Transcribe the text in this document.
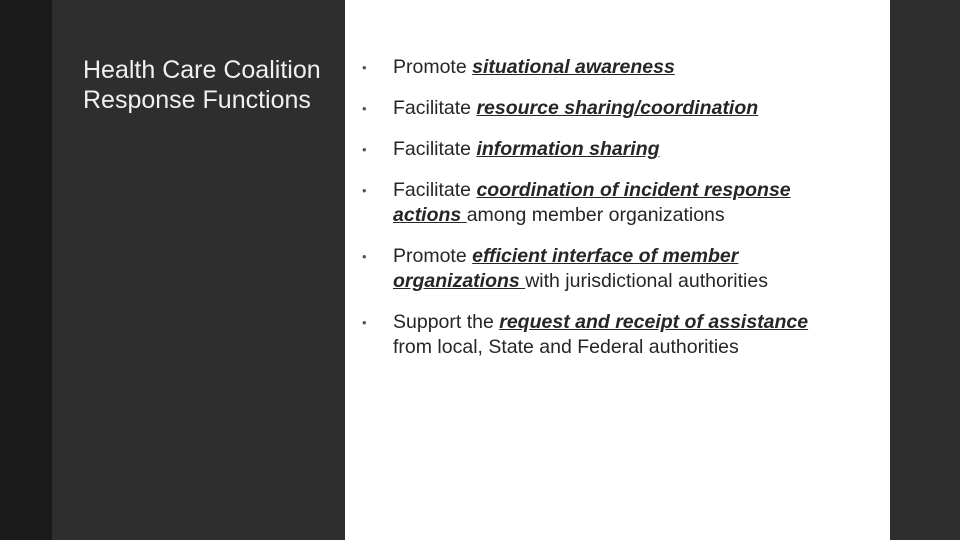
Health Care Coalition Response Functions
• Promote situational awareness
• Facilitate resource sharing/coordination
• Facilitate information sharing
• Facilitate coordination of incident response actions among member organizations
• Promote efficient interface of member organizations with jurisdictional authorities
• Support the request and receipt of assistance from local, State and Federal authorities
